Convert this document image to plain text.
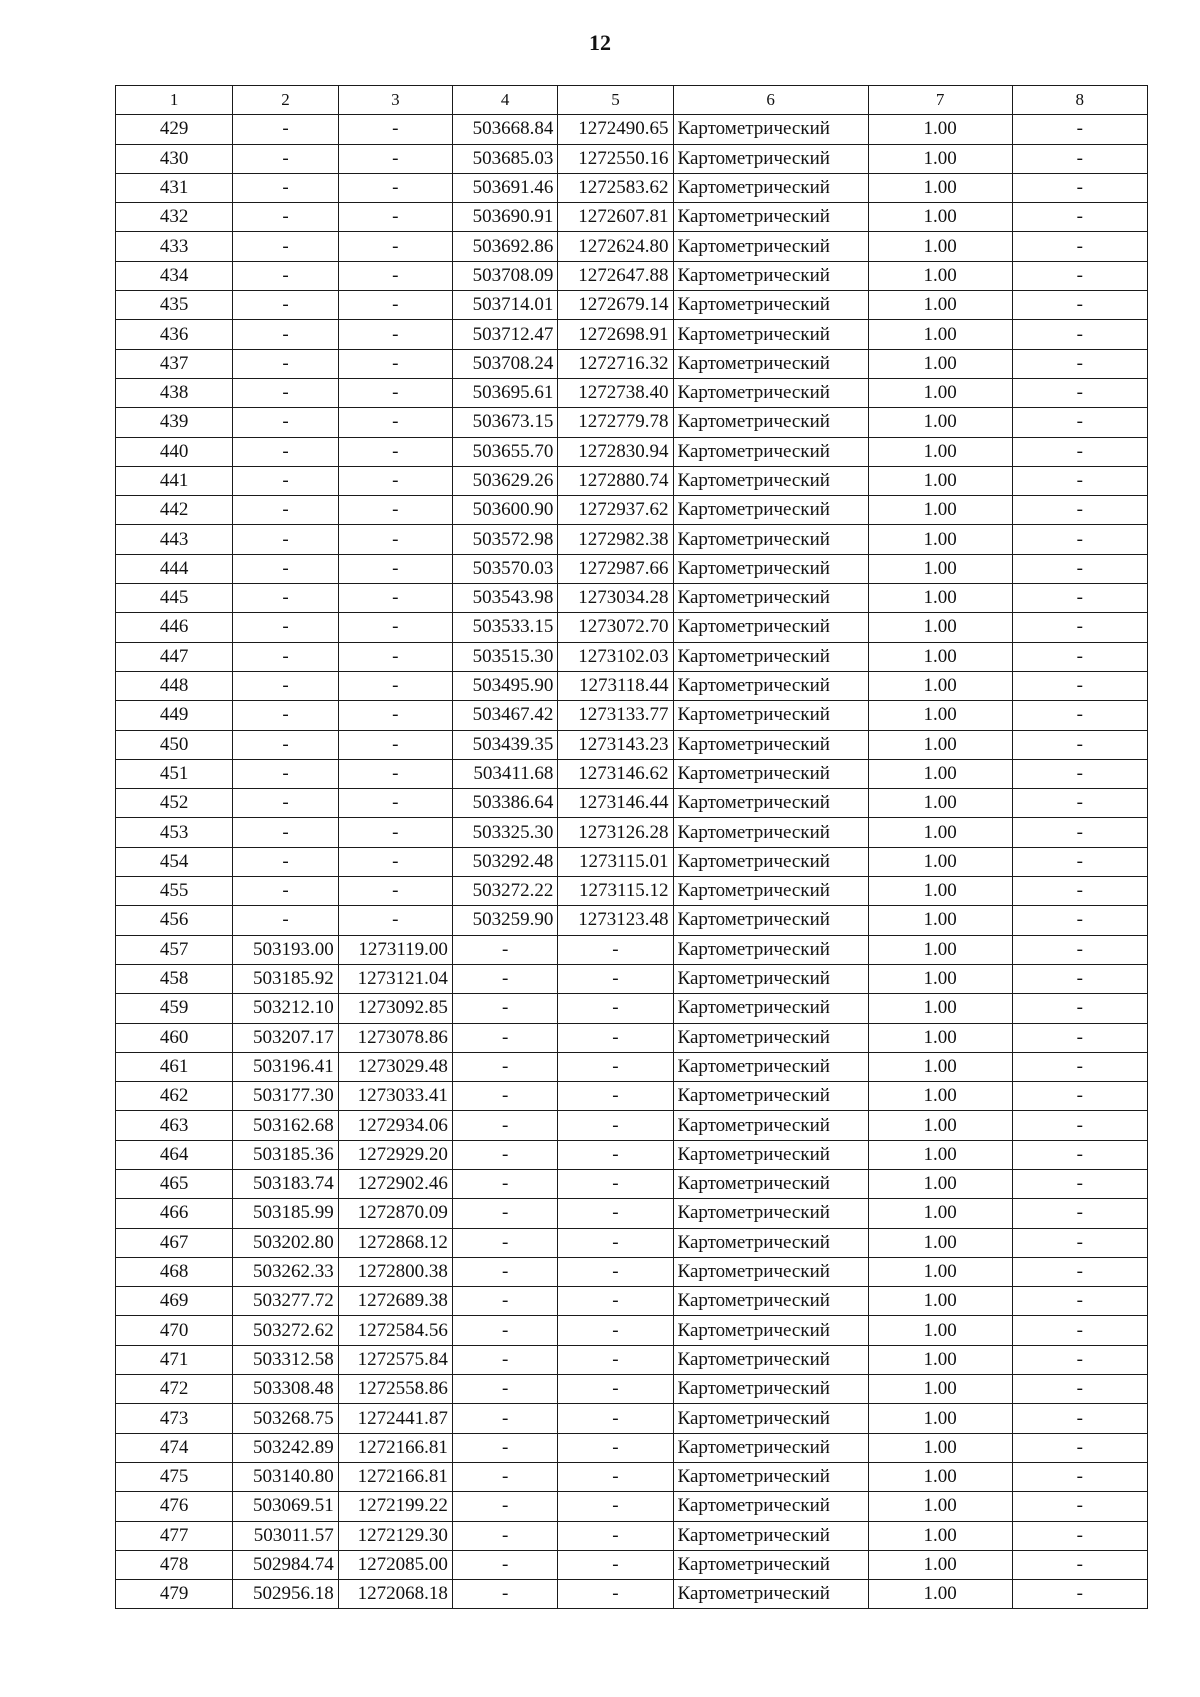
12
1	2	3	4	5	6	7	8
429	-	-	503668.84	1272490.65	Картометрический	1.00	-
430	-	-	503685.03	1272550.16	Картометрический	1.00	-
431	-	-	503691.46	1272583.62	Картометрический	1.00	-
432	-	-	503690.91	1272607.81	Картометрический	1.00	-
433	-	-	503692.86	1272624.80	Картометрический	1.00	-
434	-	-	503708.09	1272647.88	Картометрический	1.00	-
435	-	-	503714.01	1272679.14	Картометрический	1.00	-
436	-	-	503712.47	1272698.91	Картометрический	1.00	-
437	-	-	503708.24	1272716.32	Картометрический	1.00	-
438	-	-	503695.61	1272738.40	Картометрический	1.00	-
439	-	-	503673.15	1272779.78	Картометрический	1.00	-
440	-	-	503655.70	1272830.94	Картометрический	1.00	-
441	-	-	503629.26	1272880.74	Картометрический	1.00	-
442	-	-	503600.90	1272937.62	Картометрический	1.00	-
443	-	-	503572.98	1272982.38	Картометрический	1.00	-
444	-	-	503570.03	1272987.66	Картометрический	1.00	-
445	-	-	503543.98	1273034.28	Картометрический	1.00	-
446	-	-	503533.15	1273072.70	Картометрический	1.00	-
447	-	-	503515.30	1273102.03	Картометрический	1.00	-
448	-	-	503495.90	1273118.44	Картометрический	1.00	-
449	-	-	503467.42	1273133.77	Картометрический	1.00	-
450	-	-	503439.35	1273143.23	Картометрический	1.00	-
451	-	-	503411.68	1273146.62	Картометрический	1.00	-
452	-	-	503386.64	1273146.44	Картометрический	1.00	-
453	-	-	503325.30	1273126.28	Картометрический	1.00	-
454	-	-	503292.48	1273115.01	Картометрический	1.00	-
455	-	-	503272.22	1273115.12	Картометрический	1.00	-
456	-	-	503259.90	1273123.48	Картометрический	1.00	-
457	503193.00	1273119.00	-	-	Картометрический	1.00	-
458	503185.92	1273121.04	-	-	Картометрический	1.00	-
459	503212.10	1273092.85	-	-	Картометрический	1.00	-
460	503207.17	1273078.86	-	-	Картометрический	1.00	-
461	503196.41	1273029.48	-	-	Картометрический	1.00	-
462	503177.30	1273033.41	-	-	Картометрический	1.00	-
463	503162.68	1272934.06	-	-	Картометрический	1.00	-
464	503185.36	1272929.20	-	-	Картометрический	1.00	-
465	503183.74	1272902.46	-	-	Картометрический	1.00	-
466	503185.99	1272870.09	-	-	Картометрический	1.00	-
467	503202.80	1272868.12	-	-	Картометрический	1.00	-
468	503262.33	1272800.38	-	-	Картометрический	1.00	-
469	503277.72	1272689.38	-	-	Картометрический	1.00	-
470	503272.62	1272584.56	-	-	Картометрический	1.00	-
471	503312.58	1272575.84	-	-	Картометрический	1.00	-
472	503308.48	1272558.86	-	-	Картометрический	1.00	-
473	503268.75	1272441.87	-	-	Картометрический	1.00	-
474	503242.89	1272166.81	-	-	Картометрический	1.00	-
475	503140.80	1272166.81	-	-	Картометрический	1.00	-
476	503069.51	1272199.22	-	-	Картометрический	1.00	-
477	503011.57	1272129.30	-	-	Картометрический	1.00	-
478	502984.74	1272085.00	-	-	Картометрический	1.00	-
479	502956.18	1272068.18	-	-	Картометрический	1.00	-
